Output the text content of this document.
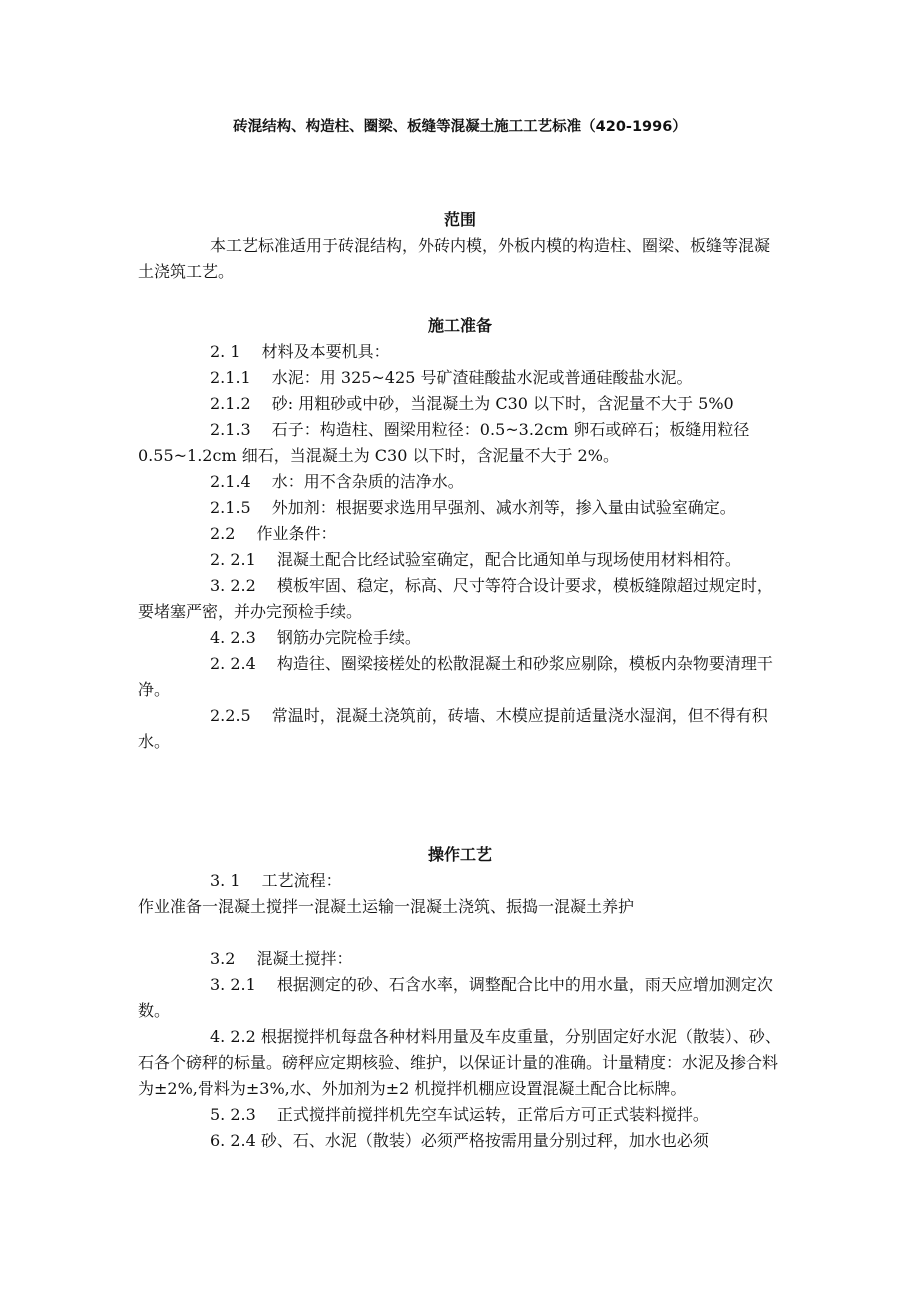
砖混结构、构造柱、圈梁、板缝等混凝土施工工艺标准（420-1996）
范围
本工艺标准适用于砖混结构，外砖内模，外板内模的构造柱、圈梁、板缝等混凝土浇筑工艺。
施工准备
2. 1　 材料及本要机具：
2.1.1　 水泥：用 325~425 号矿渣硅酸盐水泥或普通硅酸盐水泥。
2.1.2　 砂: 用粗砂或中砂，当混凝土为 C30 以下时，含泥量不大于 5%0
2.1.3　 石子：构造柱、圈梁用粒径：0.5~3.2cm 卵石或碎石；板缝用粒径 0.55~1.2cm 细石，当混凝土为 C30 以下时，含泥量不大于 2%。
2.1.4　 水：用不含杂质的洁净水。
2.1.5　 外加剂：根据要求选用早强剂、减水剂等，掺入量由试验室确定。
2.2　 作业条件：
2. 2.1　 混凝土配合比经试验室确定，配合比通知单与现场使用材料相符。
3. 2.2　 模板牢固、稳定，标高、尺寸等符合设计要求，模板缝隙超过规定时，要堵塞严密，并办完预检手续。
4. 2.3　 钢筋办完院检手续。
2. 2.4　 构造往、圈梁接槎处的松散混凝土和砂浆应剔除，模板内杂物要清理干净。
2.2.5　 常温时，混凝土浇筑前，砖墙、木模应提前适量浇水湿润，但不得有积水。
操作工艺
3. 1　 工艺流程：
作业准备一混凝土搅拌一混凝土运输一混凝土浇筑、振捣一混凝土养护
3.2　 混凝土搅拌：
3. 2.1　 根据测定的砂、石含水率，调整配合比中的用水量，雨天应增加测定次数。
4. 2.2 根据搅拌机每盘各种材料用量及车皮重量，分别固定好水泥（散装）、砂、石各个磅秤的标量。磅秤应定期核验、维护，以保证计量的准确。计量精度：水泥及掺合料为±2%,骨料为±3%,水、外加剂为±2 机搅拌机棚应设置混凝土配合比标牌。
5. 2.3　 正式搅拌前搅拌机先空车试运转，正常后方可正式装料搅拌。
6. 2.4 砂、石、水泥（散装）必须严格按需用量分别过秤，加水也必须
